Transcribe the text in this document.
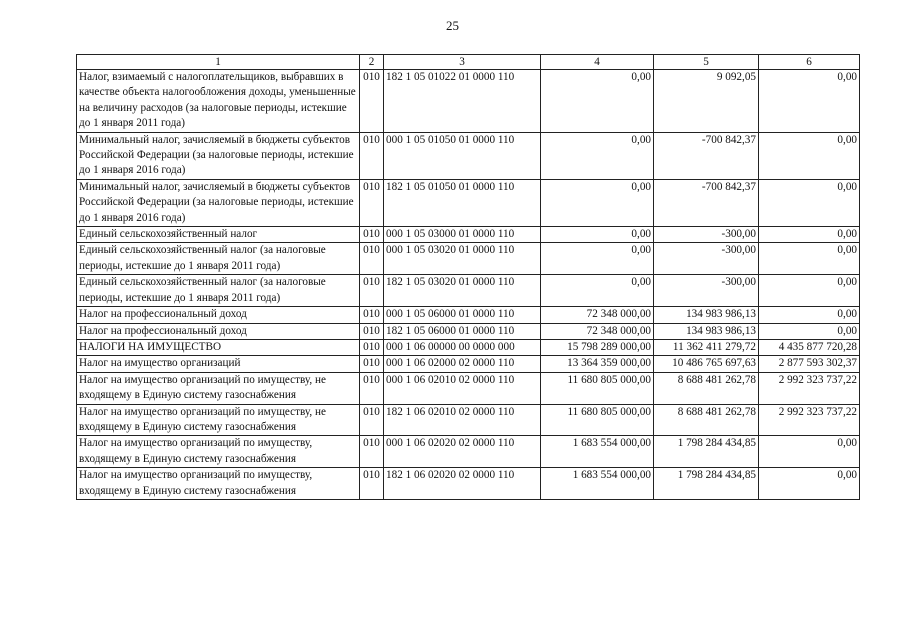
25
1	2	3	4	5	6
Налог, взимаемый с налогоплательщиков, выбравших в качестве объекта налогообложения доходы, уменьшенные на величину расходов (за налоговые периоды, истекшие до 1 января 2011 года)	010	182 1 05 01022 01 0000 110	0,00	9 092,05	0,00
Минимальный налог, зачисляемый в бюджеты субъектов Российской Федерации (за налоговые периоды, истекшие до 1 января 2016 года)	010	000 1 05 01050 01 0000 110	0,00	-700 842,37	0,00
Минимальный налог, зачисляемый в бюджеты субъектов Российской Федерации (за налоговые периоды, истекшие до 1 января 2016 года)	010	182 1 05 01050 01 0000 110	0,00	-700 842,37	0,00
Единый сельскохозяйственный налог	010	000 1 05 03000 01 0000 110	0,00	-300,00	0,00
Единый сельскохозяйственный налог (за налоговые периоды, истекшие до 1 января 2011 года)	010	000 1 05 03020 01 0000 110	0,00	-300,00	0,00
Единый сельскохозяйственный налог (за налоговые периоды, истекшие до 1 января 2011 года)	010	182 1 05 03020 01 0000 110	0,00	-300,00	0,00
Налог на профессиональный доход	010	000 1 05 06000 01 0000 110	72 348 000,00	134 983 986,13	0,00
Налог на профессиональный доход	010	182 1 05 06000 01 0000 110	72 348 000,00	134 983 986,13	0,00
НАЛОГИ НА ИМУЩЕСТВО	010	000 1 06 00000 00 0000 000	15 798 289 000,00	11 362 411 279,72	4 435 877 720,28
Налог на имущество организаций	010	000 1 06 02000 02 0000 110	13 364 359 000,00	10 486 765 697,63	2 877 593 302,37
Налог на имущество организаций по имуществу, не входящему в Единую систему газоснабжения	010	000 1 06 02010 02 0000 110	11 680 805 000,00	8 688 481 262,78	2 992 323 737,22
Налог на имущество организаций по имуществу, не входящему в Единую систему газоснабжения	010	182 1 06 02010 02 0000 110	11 680 805 000,00	8 688 481 262,78	2 992 323 737,22
Налог на имущество организаций по имуществу, входящему в Единую систему газоснабжения	010	000 1 06 02020 02 0000 110	1 683 554 000,00	1 798 284 434,85	0,00
Налог на имущество организаций по имуществу, входящему в Единую систему газоснабжения	010	182 1 06 02020 02 0000 110	1 683 554 000,00	1 798 284 434,85	0,00
